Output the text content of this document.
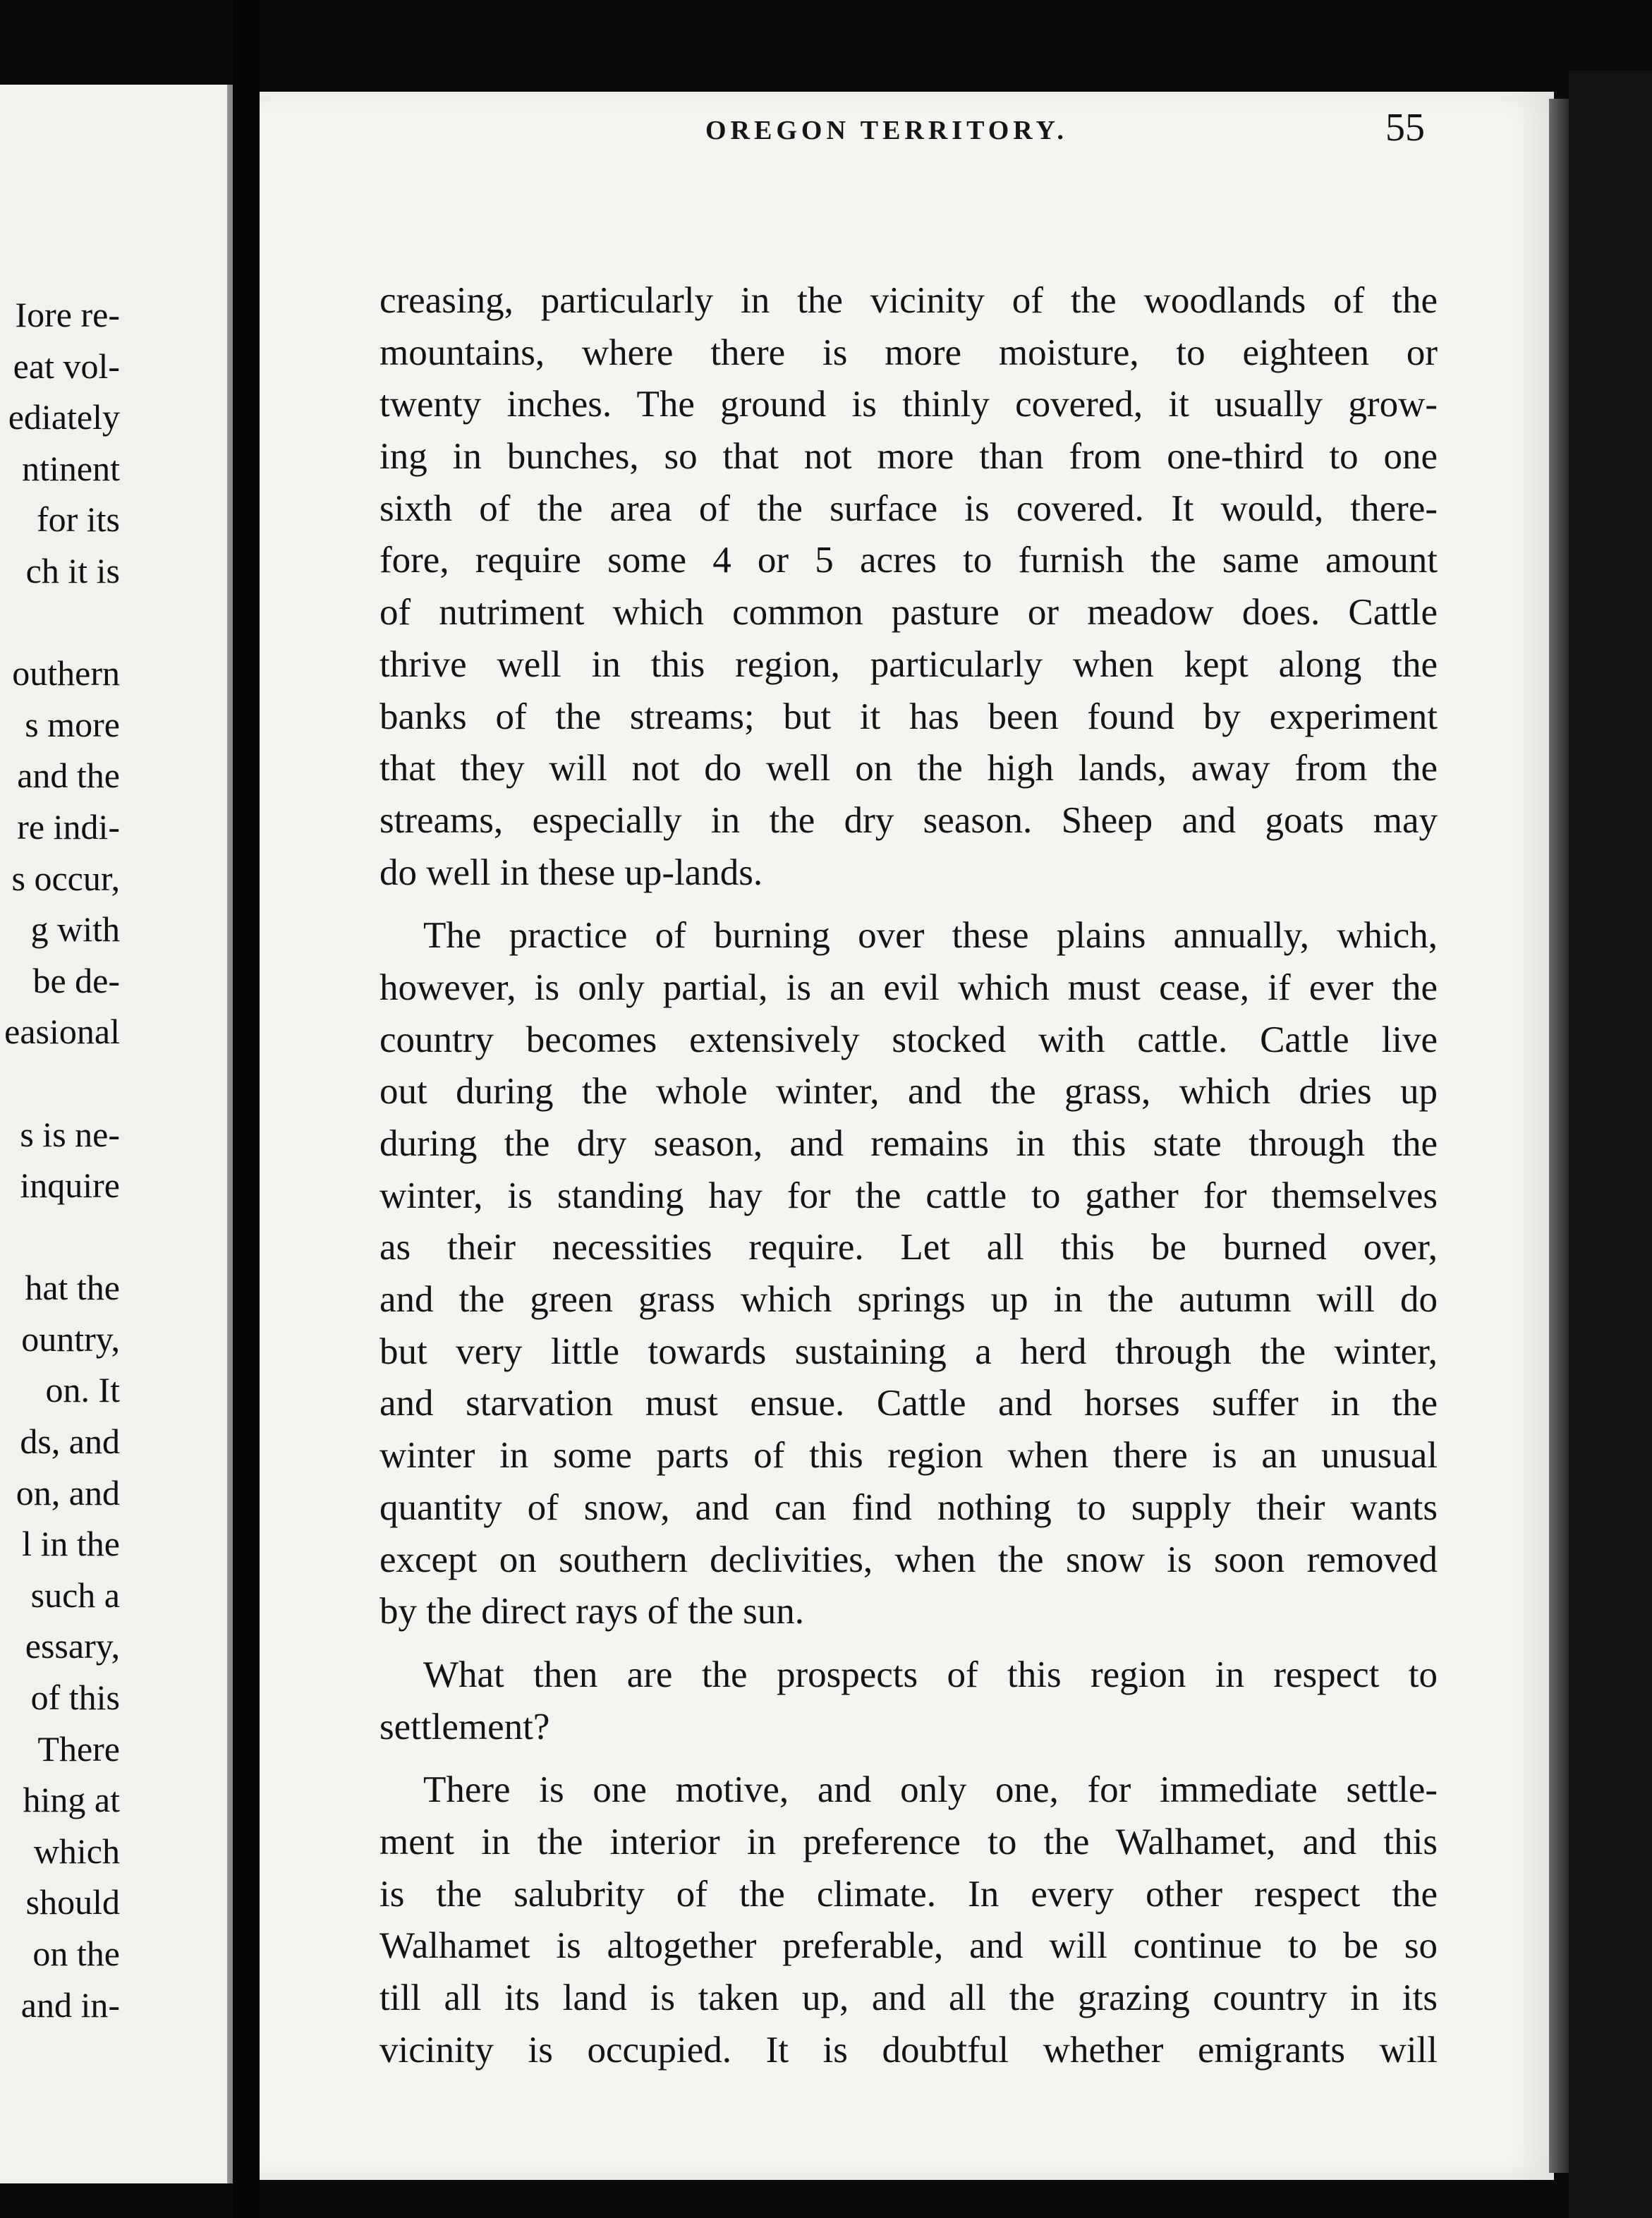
Iore re-
eat vol-
ediately
ntinent
for its
ch it is
outhern
s more
and the
re indi-
s occur,
g with
be de-
easional
s is ne-
inquire
hat the
ountry,
on. It
ds, and
on, and
l in the
such a
essary,
of this
There
hing at
which
should
on the
and in-
OREGON TERRITORY.	55
creasing, particularly in the vicinity of the woodlands of the
mountains, where there is more moisture, to eighteen or
twenty inches. The ground is thinly covered, it usually grow-
ing in bunches, so that not more than from one-third to one
sixth of the area of the surface is covered. It would, there-
fore, require some 4 or 5 acres to furnish the same amount
of nutriment which common pasture or meadow does. Cattle
thrive well in this region, particularly when kept along the
banks of the streams; but it has been found by experiment
that they will not do well on the high lands, away from the
streams, especially in the dry season. Sheep and goats may
do well in these up-lands.
The practice of burning over these plains annually, which,
however, is only partial, is an evil which must cease, if ever the
country becomes extensively stocked with cattle. Cattle live
out during the whole winter, and the grass, which dries up
during the dry season, and remains in this state through the
winter, is standing hay for the cattle to gather for themselves
as their necessities require. Let all this be burned over,
and the green grass which springs up in the autumn will do
but very little towards sustaining a herd through the winter,
and starvation must ensue. Cattle and horses suffer in the
winter in some parts of this region when there is an unusual
quantity of snow, and can find nothing to supply their wants
except on southern declivities, when the snow is soon removed
by the direct rays of the sun.
What then are the prospects of this region in respect to
settlement?
There is one motive, and only one, for immediate settle-
ment in the interior in preference to the Walhamet, and this
is the salubrity of the climate. In every other respect the
Walhamet is altogether preferable, and will continue to be so
till all its land is taken up, and all the grazing country in its
vicinity is occupied. It is doubtful whether emigrants will
